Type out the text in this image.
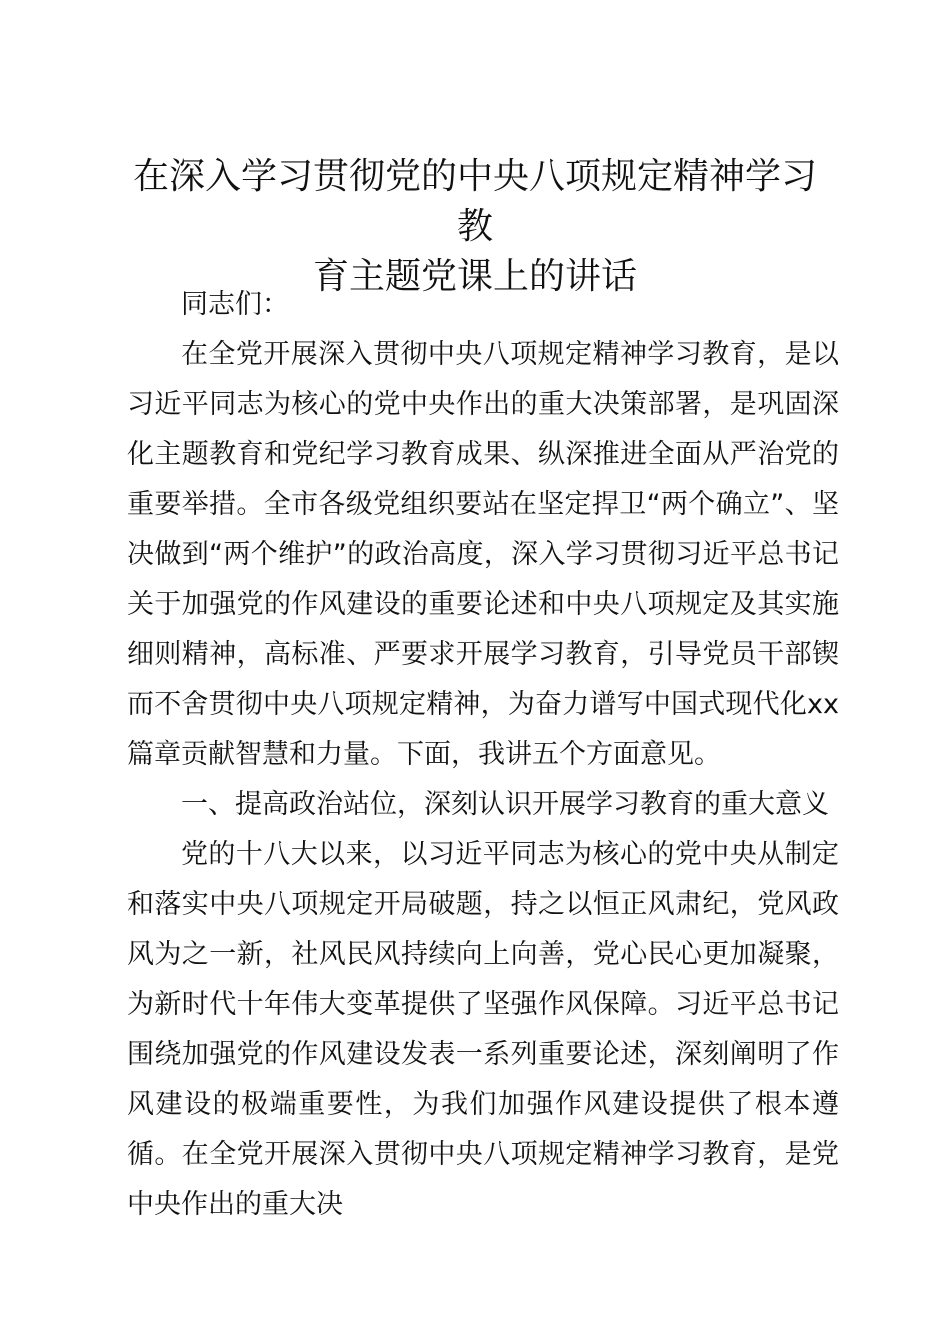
在深入学习贯彻党的中央八项规定精神学习教
育主题党课上的讲话

同志们：

在全党开展深入贯彻中央八项规定精神学习教育，是以习近平同志为核心的党中央作出的重大决策部署，是巩固深化主题教育和党纪学习教育成果、纵深推进全面从严治党的重要举措。全市各级党组织要站在坚定捍卫“两个确立”、坚决做到“两个维护”的政治高度，深入学习贯彻习近平总书记关于加强党的作风建设的重要论述和中央八项规定及其实施细则精神，高标准、严要求开展学习教育，引导党员干部锲而不舍贯彻中央八项规定精神，为奋力谱写中国式现代化xx篇章贡献智慧和力量。下面，我讲五个方面意见。

一、提高政治站位，深刻认识开展学习教育的重大意义

党的十八大以来，以习近平同志为核心的党中央从制定和落实中央八项规定开局破题，持之以恒正风肃纪，党风政风为之一新，社风民风持续向上向善，党心民心更加凝聚，为新时代十年伟大变革提供了坚强作风保障。习近平总书记围绕加强党的作风建设发表一系列重要论述，深刻阐明了作风建设的极端重要性，为我们加强作风建设提供了根本遵循。在全党开展深入贯彻中央八项规定精神学习教育，是党中央作出的重大决
